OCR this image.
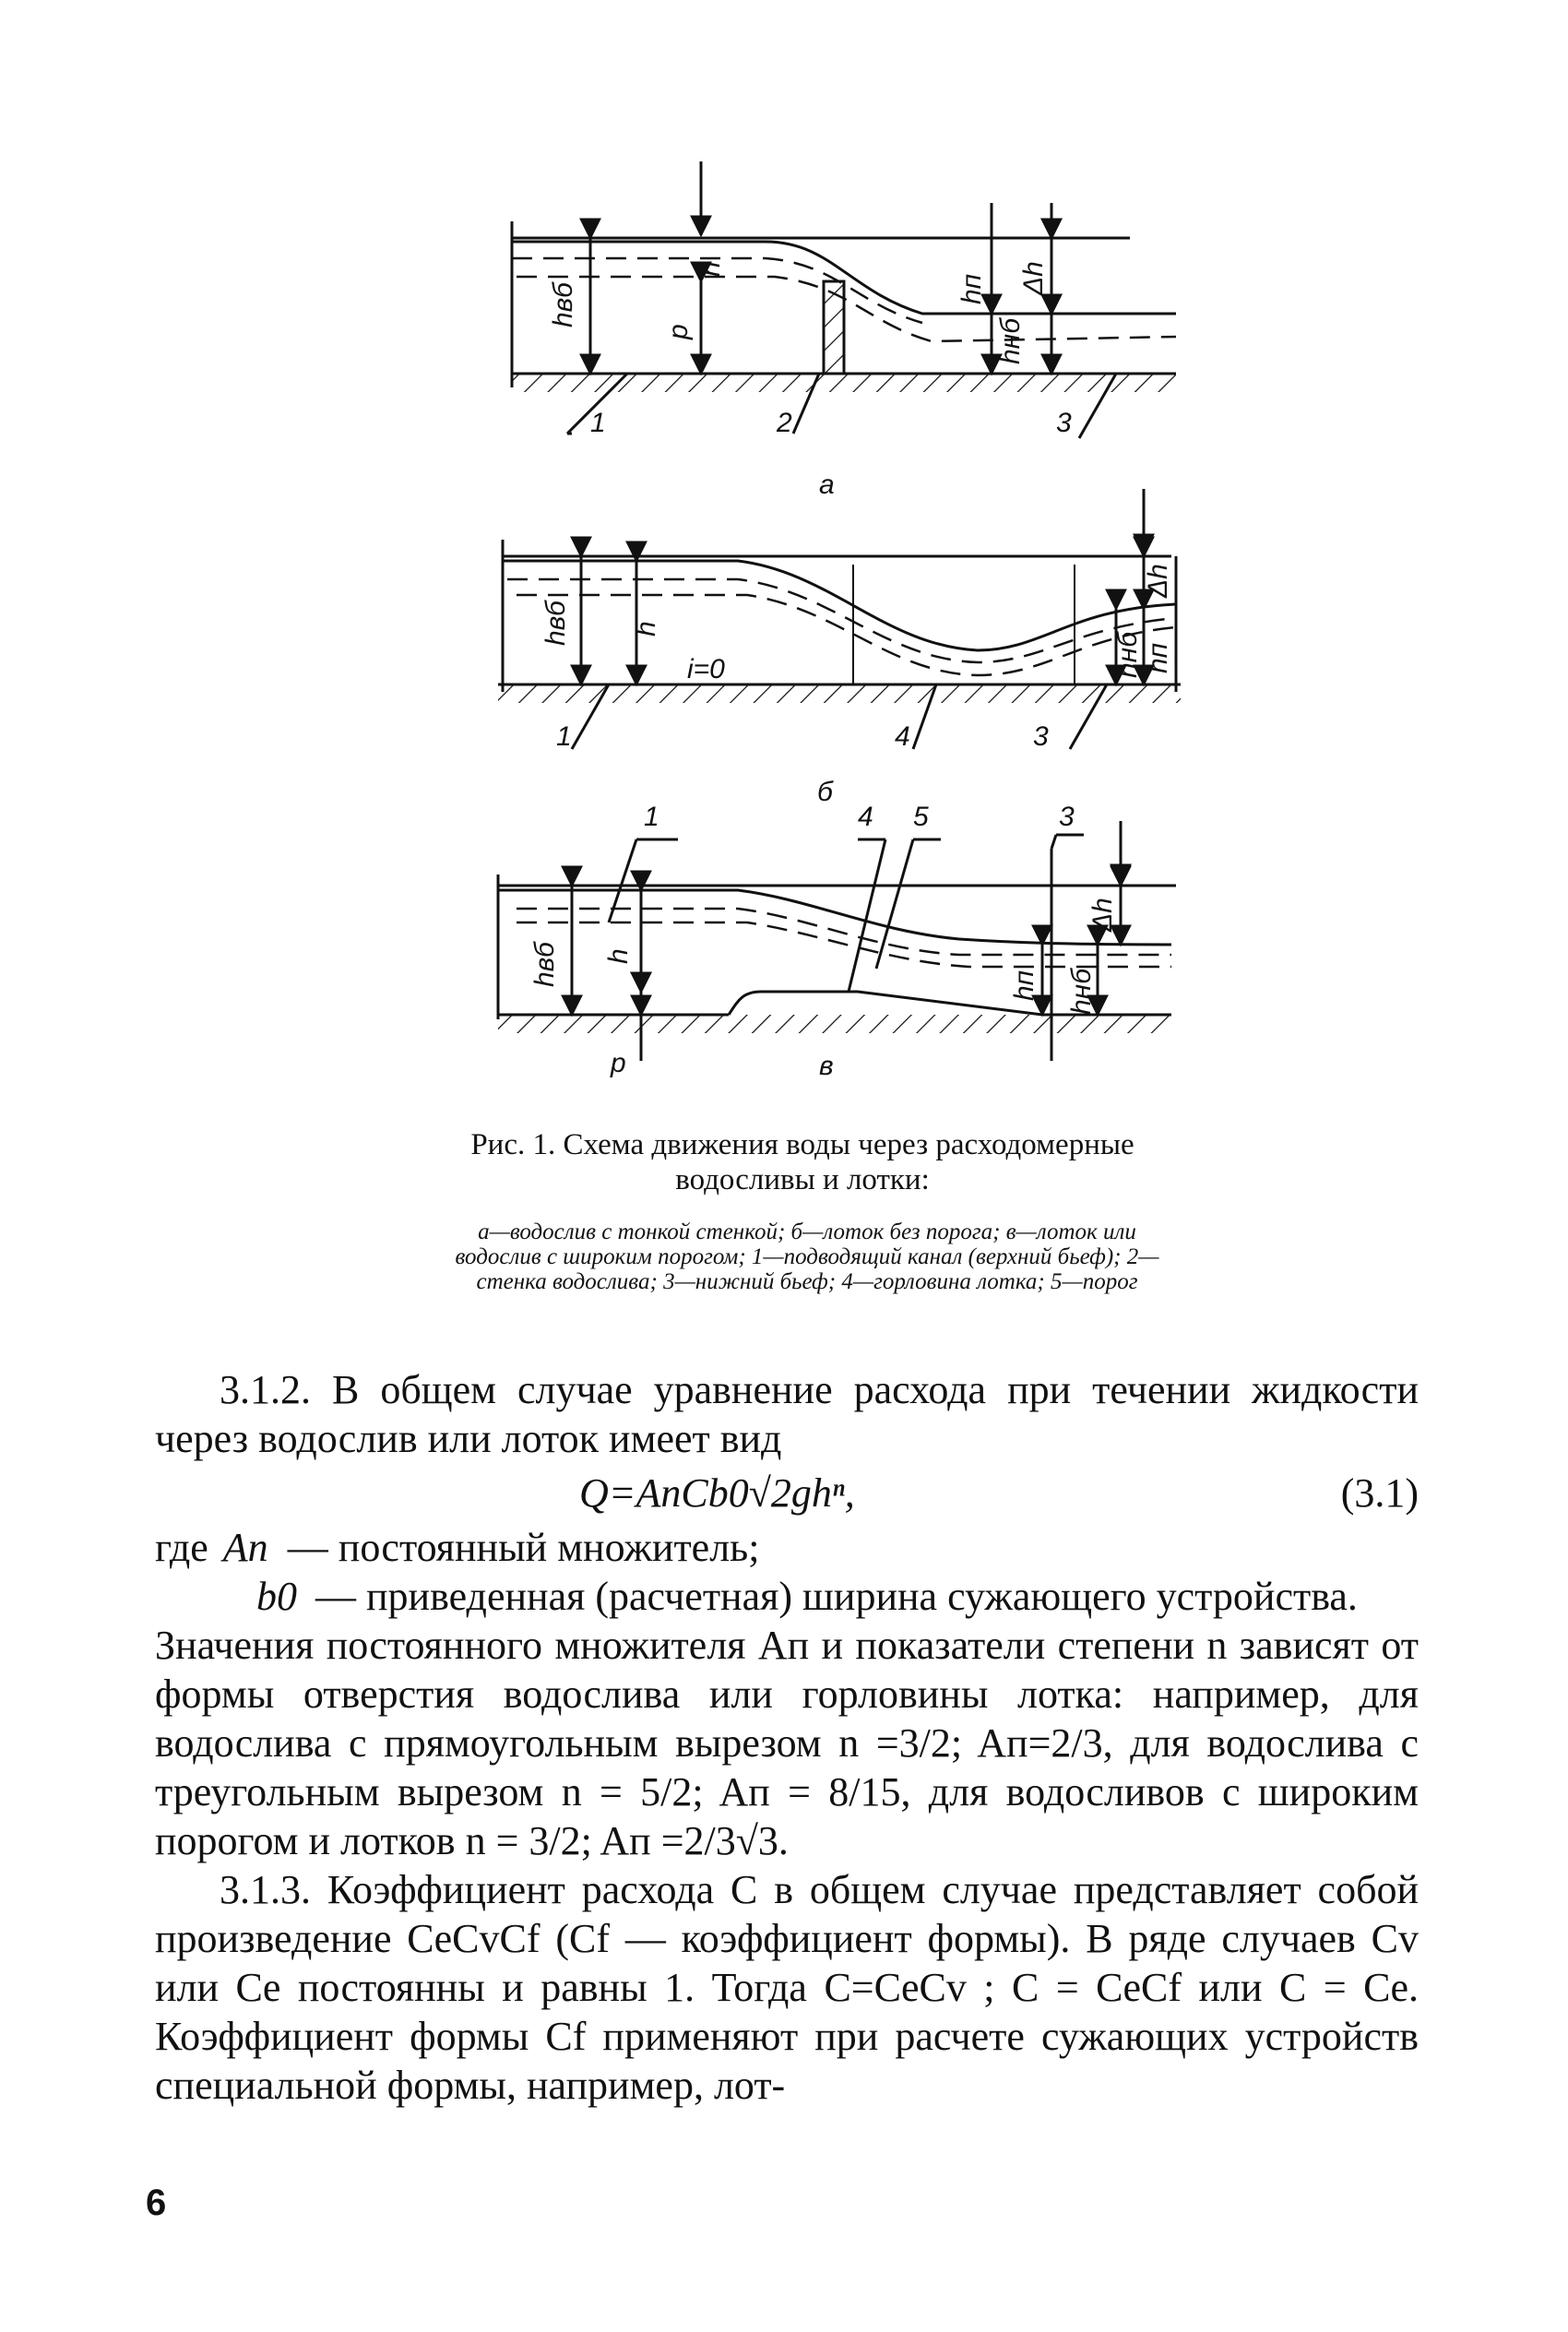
а
1	2	3
hвб
p
h
hп
hнб
Δh
б
1	4	3
i=0
hвб h
Δh
hнб hп
в
1	4 5	3
hвб h
hп hнб
Δh
p
Рис. 1. Схема движения воды через расходомерные водосливы и лотки:
а—водослив с тонкой стенкой; б—лоток без порога; в—лоток или водослив с широким порогом; 1—подводящий канал (верхний бьеф); 2—стенка водослива; 3—нижний бьеф; 4—горловина лотка; 5—порог

3.1.2. В общем случае уравнение расхода при течении жидкости через водослив или лоток имеет вид

Q=AпCb0√2ghⁿ,	(3.1)
где Aп — постоянный множитель;
b0 — приведенная (расчетная) ширина сужающего устройства.

Значения постоянного множителя Aп и показатели степени n зависят от формы отверстия водослива или горловины лотка: например, для водослива с прямоугольным вырезом n =3/2; Aп=2/3, для водослива с треугольным вырезом n = 5/2; Aп = 8/15, для водосливов с широким порогом и лотков n = 3/2; Aп =2/3√3.

3.1.3. Коэффициент расхода C в общем случае представляет собой произведение CeCvCf (Cf — коэффициент формы). В ряде случаев Cv или Ce постоянны и равны 1. Тогда C=CeCv ; C = CeCf или C = Ce. Коэффициент формы Cf применяют при расчете сужающих устройств специальной формы, например, лот-

6
